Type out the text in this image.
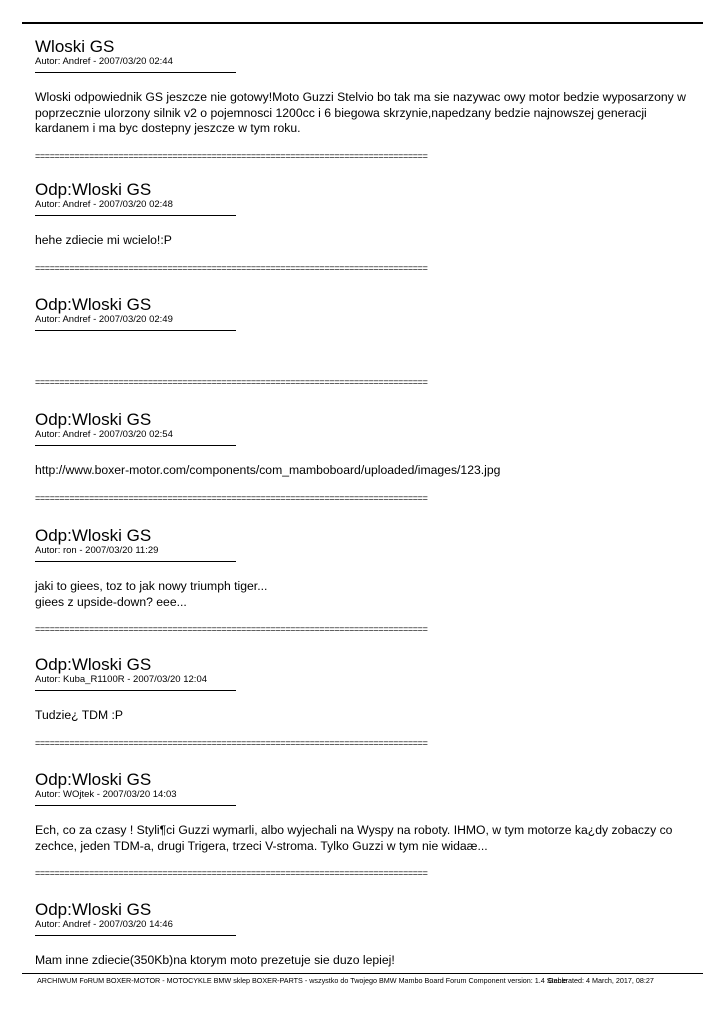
Wloski GS
Autor: Andref - 2007/03/20 02:44
Wloski odpowiednik GS jeszcze nie gotowy!Moto Guzzi Stelvio bo tak ma sie nazywac owy motor bedzie wyposarzony w
poprzecznie ulorzony silnik v2 o pojemnosci 1200cc i 6 biegowa skrzynie,napedzany bedzie najnowszej generacji
kardanem i ma byc dostepny jeszcze w tym roku.
================================================================================
Odp:Wloski GS
Autor: Andref - 2007/03/20 02:48
hehe zdiecie mi wcielo!:P
================================================================================
Odp:Wloski GS
Autor: Andref - 2007/03/20 02:49
================================================================================
Odp:Wloski GS
Autor: Andref - 2007/03/20 02:54
http://www.boxer-motor.com/components/com_mamboboard/uploaded/images/123.jpg
================================================================================
Odp:Wloski GS
Autor: ron - 2007/03/20 11:29
jaki to giees, toz to jak nowy triumph tiger...
giees z upside-down? eee...
================================================================================
Odp:Wloski GS
Autor: Kuba_R1100R - 2007/03/20 12:04
Tudzie¿ TDM :P
================================================================================
Odp:Wloski GS
Autor: WOjtek - 2007/03/20 14:03
Ech, co za czasy ! Styli¶ci Guzzi wymarli, albo wyjechali na Wyspy na roboty. IHMO, w tym motorze ka¿dy zobaczy co
zechce, jeden TDM-a, drugi Trigera, trzeci V-stroma. Tylko Guzzi w tym nie widaæ...
================================================================================
Odp:Wloski GS
Autor: Andref - 2007/03/20 14:46
Mam inne zdiecie(350Kb)na ktorym moto prezetuje sie duzo lepiej!
ARCHIWUM FoRUM BOXER-MOTOR - MOTOCYKLE BMW sklep BOXER-PARTS - wszystko do Twojego BMW Mambo Board Forum Component version: 1.4 Stable
Generated: 4 March, 2017, 08:27
